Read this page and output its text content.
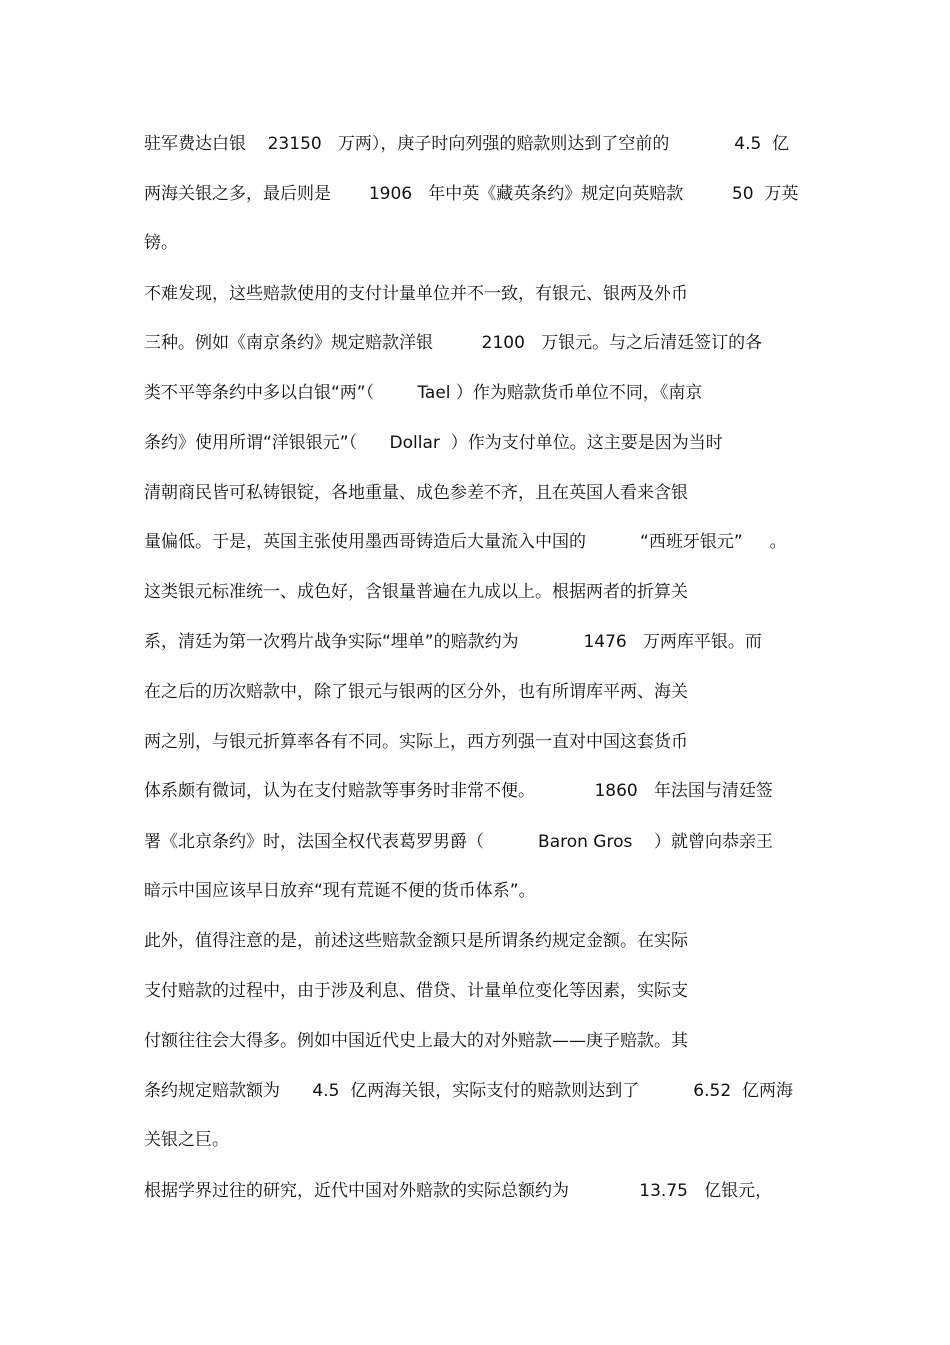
驻军费达白银    23150   万两），庚子时向列强的赔款则达到了空前的            4.5  亿
两海关银之多，最后则是       1906   年中英《藏英条约》规定向英赔款         50  万英
镑。
不难发现，这些赔款使用的支付计量单位并不一致，有银元、银两及外币
三种。例如《南京条约》规定赔款洋银         2100   万银元。与之后清廷签订的各
类不平等条约中多以白银“两”（        Tael ）作为赔款货币单位不同，《南京
条约》使用所谓“洋银银元”（      Dollar  ）作为支付单位。这主要是因为当时
清朝商民皆可私铸银锭，各地重量、成色参差不齐，且在英国人看来含银
量偏低。于是，英国主张使用墨西哥铸造后大量流入中国的          “西班牙银元”     。
这类银元标准统一、成色好，含银量普遍在九成以上。根据两者的折算关
系，清廷为第一次鸦片战争实际“埋单”的赔款约为            1476   万两库平银。而
在之后的历次赔款中，除了银元与银两的区分外，也有所谓库平两、海关
两之别，与银元折算率各有不同。实际上，西方列强一直对中国这套货币
体系颇有微词，认为在支付赔款等事务时非常不便。           1860   年法国与清廷签
署《北京条约》时，法国全权代表葛罗男爵（          Baron Gros    ）就曾向恭亲王
暗示中国应该早日放弃“现有荒诞不便的货币体系”。
此外，值得注意的是，前述这些赔款金额只是所谓条约规定金额。在实际
支付赔款的过程中，由于涉及利息、借贷、计量单位变化等因素，实际支
付额往往会大得多。例如中国近代史上最大的对外赔款——庚子赔款。其
条约规定赔款额为      4.5  亿两海关银，实际支付的赔款则达到了          6.52  亿两海
关银之巨。
根据学界过往的研究，近代中国对外赔款的实际总额约为             13.75   亿银元，
